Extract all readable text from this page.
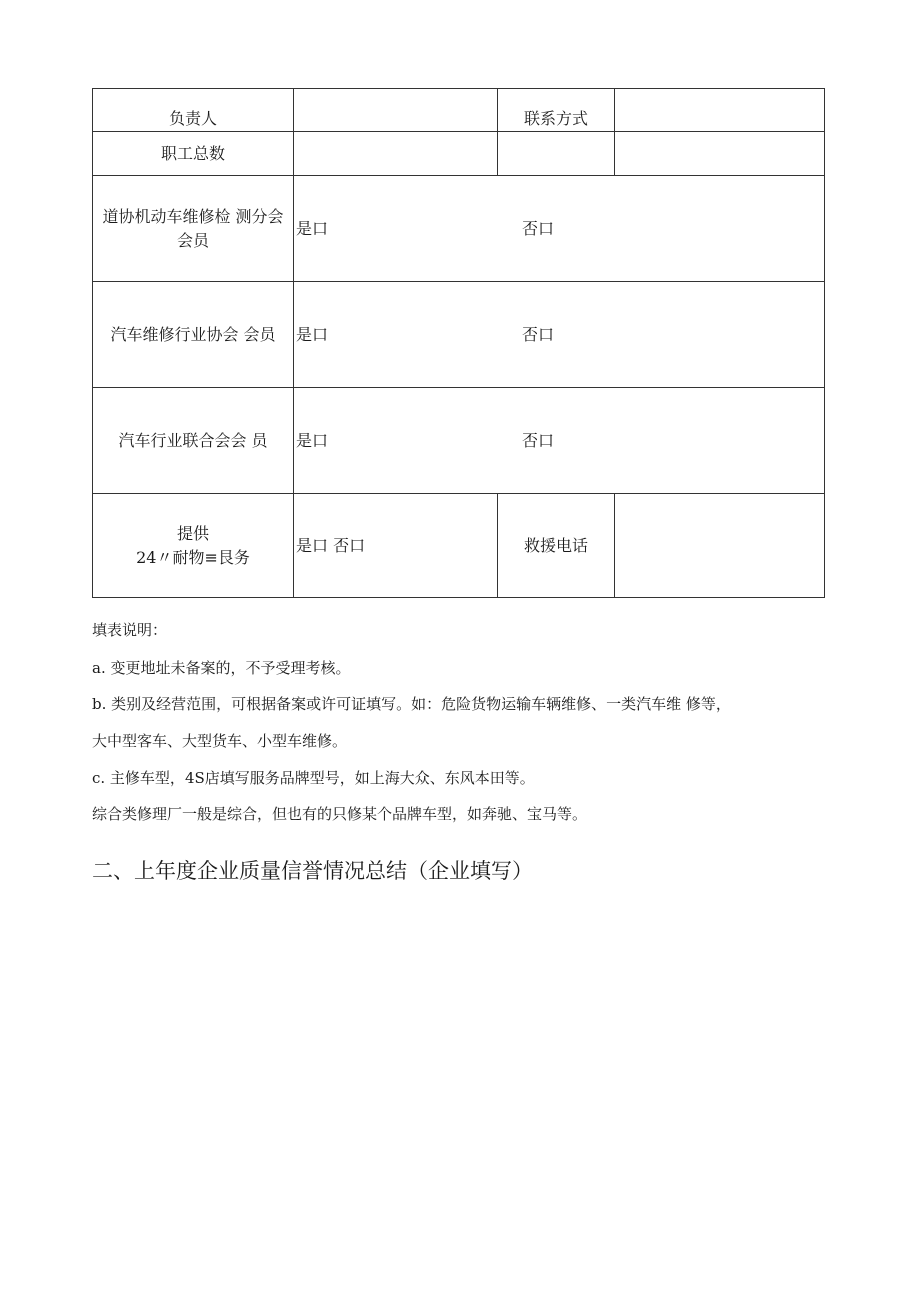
负责人		联系方式	

职工总数			

道协机动车维修检 测分会
会员	是口 否口		

汽车维修行业协会 会员	是口 否口		

汽车行业联合会会 员	是口 否口		

提供
24〃耐物≡艮务	是口 否口	救援电话	

填表说明：

a. 变更地址未备案的，不予受理考核。

b. 类别及经营范围，可根据备案或许可证填写。如：危险货物运输车辆维修、一类汽车维 修等，

大中型客车、大型货车、小型车维修。

c. 主修车型，4S店填写服务品牌型号，如上海大众、东风本田等。

综合类修理厂一般是综合，但也有的只修某个品牌车型，如奔驰、宝马等。

二、上年度企业质量信誉情况总结（企业填写）
